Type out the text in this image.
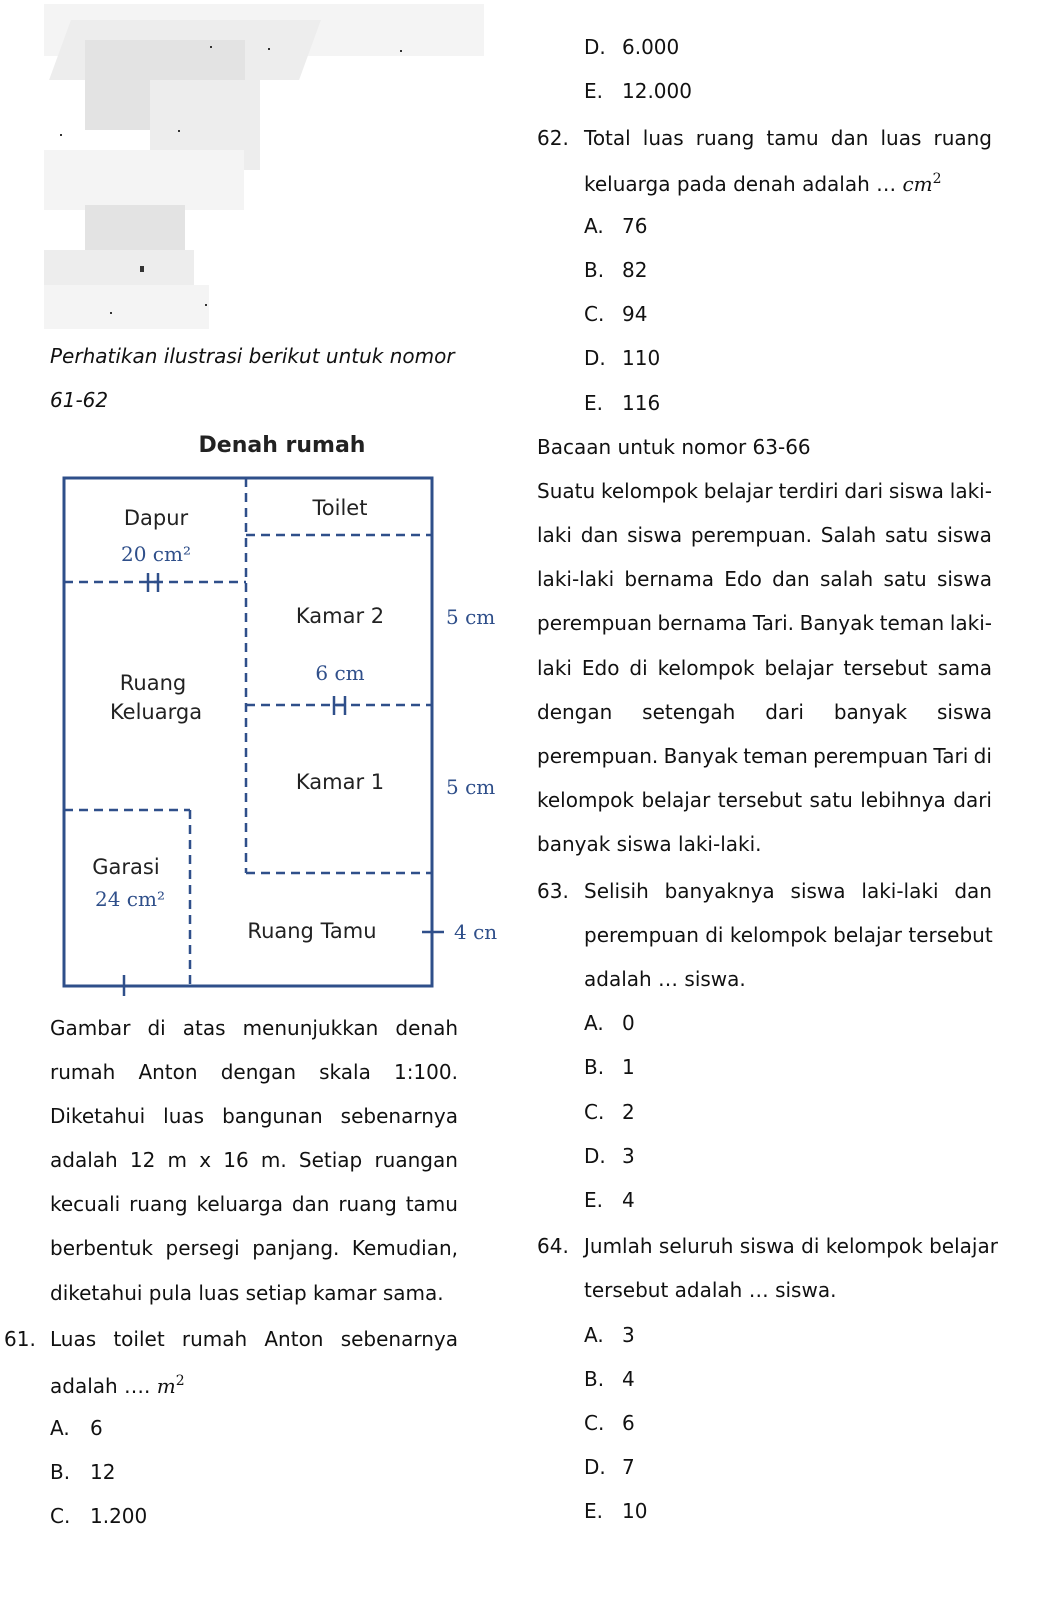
Perhatikan ilustrasi berikut untuk nomor
61-62
Denah rumah
Dapur
20 cm²
Toilet
Kamar 2
6 cm
Ruang
Keluarga
Kamar 1
Garasi
24 cm²
Ruang Tamu
5 cm
5 cm
4 cn
Gambar di atas menunjukkan denah
rumah Anton dengan skala 1:100.
Diketahui luas bangunan sebenarnya
adalah 12 m x 16 m. Setiap ruangan
kecuali ruang keluarga dan ruang tamu
berbentuk persegi panjang. Kemudian,
diketahui pula luas setiap kamar sama.
61. Luas toilet rumah Anton sebenarnya
adalah …. $m^2$
A. 6
B. 12
C. 1.200
D. 6.000
E. 12.000
62. Total luas ruang tamu dan luas ruang
keluarga pada denah adalah … $cm^2$
A. 76
B. 82
C. 94
D. 110
E. 116
Bacaan untuk nomor 63-66
Suatu kelompok belajar terdiri dari siswa laki-
laki dan siswa perempuan. Salah satu siswa
laki-laki bernama Edo dan salah satu siswa
perempuan bernama Tari. Banyak teman laki-
laki Edo di kelompok belajar tersebut sama
dengan setengah dari banyak siswa
perempuan. Banyak teman perempuan Tari di
kelompok belajar tersebut satu lebihnya dari
banyak siswa laki-laki.
63. Selisih banyaknya siswa laki-laki dan
perempuan di kelompok belajar tersebut
adalah … siswa.
A. 0
B. 1
C. 2
D. 3
E. 4
64. Jumlah seluruh siswa di kelompok belajar
tersebut adalah … siswa.
A. 3
B. 4
C. 6
D. 7
E. 10
